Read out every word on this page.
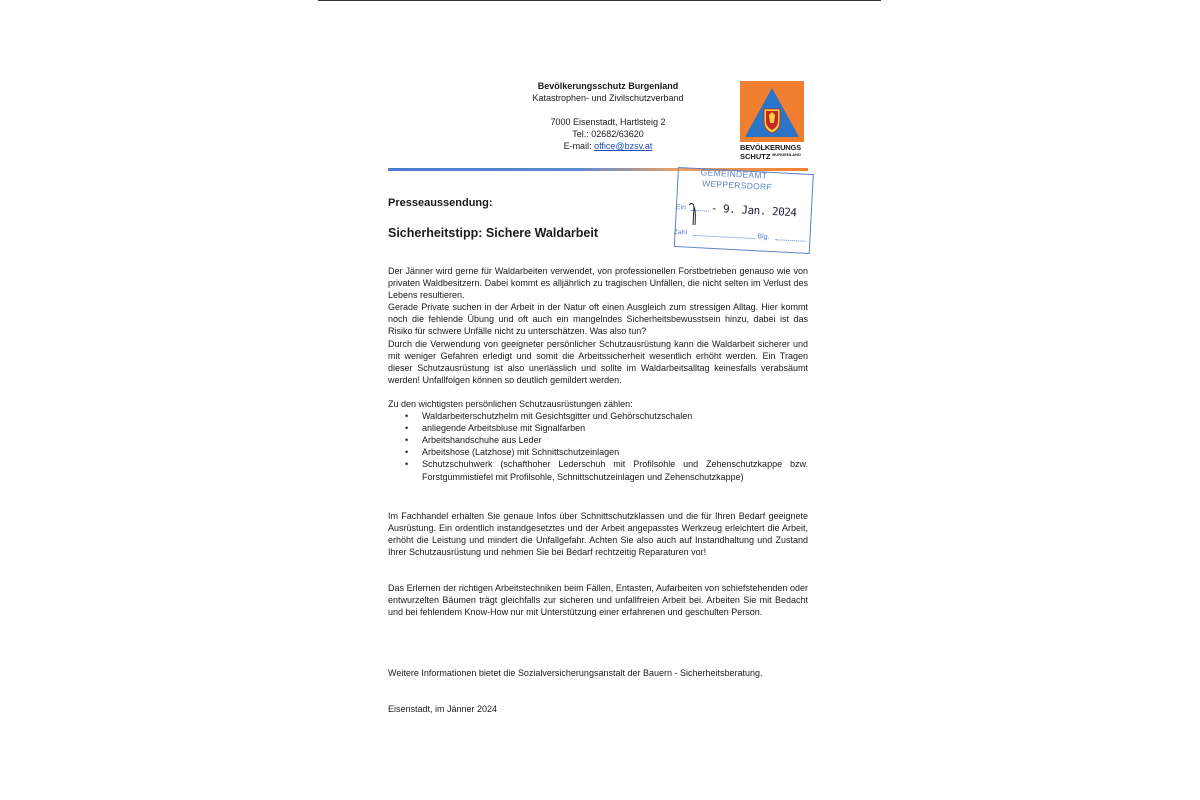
Bevölkerungsschutz Burgenland
Katastrophen- und Zivilschutzverband
7000 Eisenstadt, Hartlsteig 2
Tel.: 02682/63620
E-mail: office@bzsv.at	BEVÖLKERUNGS
SCHUTZ $^{BURGENLAND}$
GEMEINDEAMT
WEPPERSDORF
Ein - 9. Jan. 2024
Zahl
Blg.
Presseaussendung:
Sicherheitstipp: Sichere Waldarbeit

Der Jänner wird gerne für Waldarbeiten verwendet, von professionellen Forstbetrieben genauso wie von privaten Waldbesitzern. Dabei kommt es alljährlich zu tragischen Unfällen, die nicht selten im Verlust des Lebens resultieren.

Gerade Private suchen in der Arbeit in der Natur oft einen Ausgleich zum stressigen Alltag. Hier kommt noch die fehlende Übung und oft auch ein mangelndes Sicherheitsbewusstsein hinzu, dabei ist das Risiko für schwere Unfälle nicht zu unterschätzen. Was also tun?

Durch die Verwendung von geeigneter persönlicher Schutzausrüstung kann die Waldarbeit sicherer und mit weniger Gefahren erledigt und somit die Arbeitssicherheit wesentlich erhöht werden. Ein Tragen dieser Schutzausrüstung ist also unerlässlich und sollte im Waldarbeitsalltag keinesfalls verabsäumt werden! Unfallfolgen können so deutlich gemildert werden.

Zu den wichtigsten persönlichen Schutzausrüstungen zählen:

• Waldarbeiterschutzhelm mit Gesichtsgitter und Gehörschutzschalen
• anliegende Arbeitsbluse mit Signalfarben
• Arbeitshandschuhe aus Leder
• Arbeitshose (Latzhose) mit Schnittschutzeinlagen
• Schutzschuhwerk (schafthoher Lederschuh mit Profilsohle und Zehenschutzkappe bzw. Forstgummistiefel mit Profilsohle, Schnittschutzeinlagen und Zehenschutzkappe)

Im Fachhandel erhalten Sie genaue Infos über Schnittschutzklassen und die für Ihren Bedarf geeignete Ausrüstung. Ein ordentlich instandgesetztes und der Arbeit angepasstes Werkzeug erleichtert die Arbeit, erhöht die Leistung und mindert die Unfallgefahr. Achten Sie also auch auf Instandhaltung und Zustand Ihrer Schutzausrüstung und nehmen Sie bei Bedarf rechtzeitig Reparaturen vor!

Das Erlernen der richtigen Arbeitstechniken beim Fällen, Entasten, Aufarbeiten von schiefstehenden oder entwurzelten Bäumen trägt gleichfalls zur sicheren und unfallfreien Arbeit bei. Arbeiten Sie mit Bedacht und bei fehlendem Know-How nur mit Unterstützung einer erfahrenen und geschulten Person.

Weitere Informationen bietet die Sozialversicherungsanstalt der Bauern - Sicherheitsberatung.

Eisenstadt, im Jänner 2024
